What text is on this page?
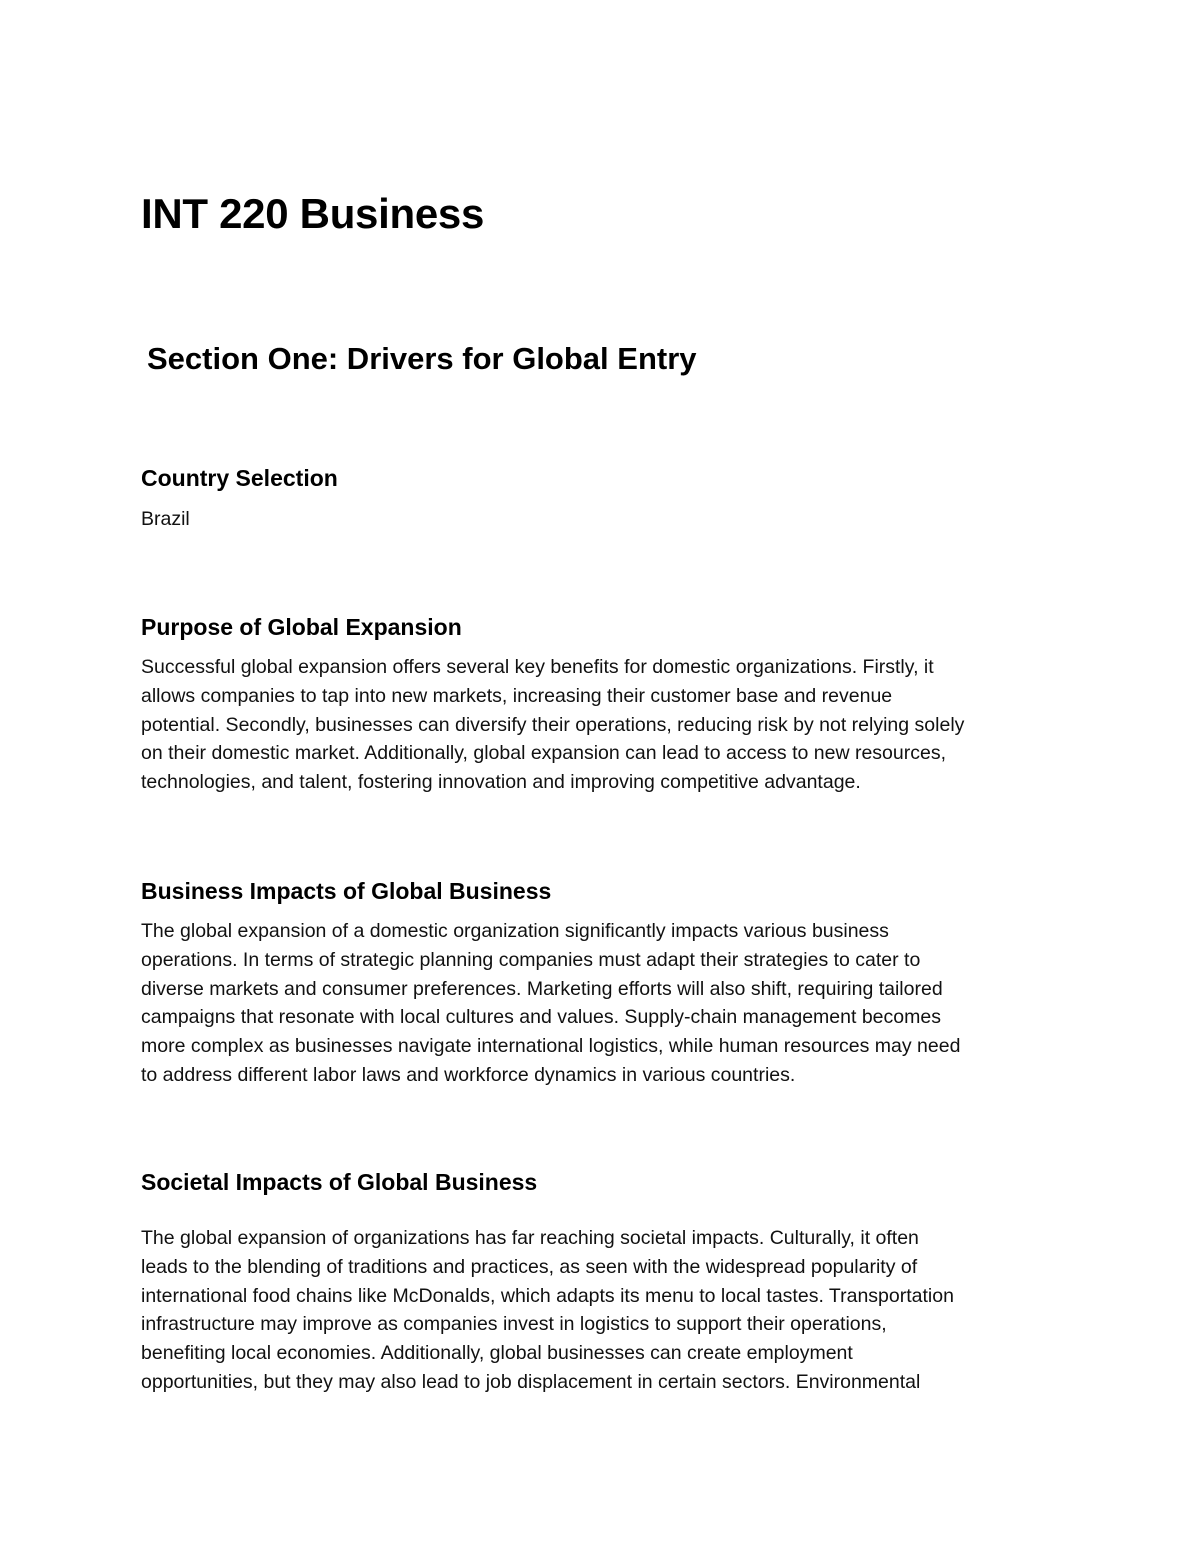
INT 220 Business
Section One: Drivers for Global Entry
Country Selection
Brazil
Purpose of Global Expansion
Successful global expansion offers several key benefits for domestic organizations. Firstly, it
allows companies to tap into new markets, increasing their customer base and revenue
potential. Secondly, businesses can diversify their operations, reducing risk by not relying solely
on their domestic market. Additionally, global expansion can lead to access to new resources,
technologies, and talent, fostering innovation and improving competitive advantage.
Business Impacts of Global Business
The global expansion of a domestic organization significantly impacts various business
operations. In terms of strategic planning companies must adapt their strategies to cater to
diverse markets and consumer preferences. Marketing efforts will also shift, requiring tailored
campaigns that resonate with local cultures and values. Supply-chain management becomes
more complex as businesses navigate international logistics, while human resources may need
to address different labor laws and workforce dynamics in various countries.
Societal Impacts of Global Business
The global expansion of organizations has far reaching societal impacts. Culturally, it often
leads to the blending of traditions and practices, as seen with the widespread popularity of
international food chains like McDonalds, which adapts its menu to local tastes. Transportation
infrastructure may improve as companies invest in logistics to support their operations,
benefiting local economies. Additionally, global businesses can create employment
opportunities, but they may also lead to job displacement in certain sectors. Environmental
